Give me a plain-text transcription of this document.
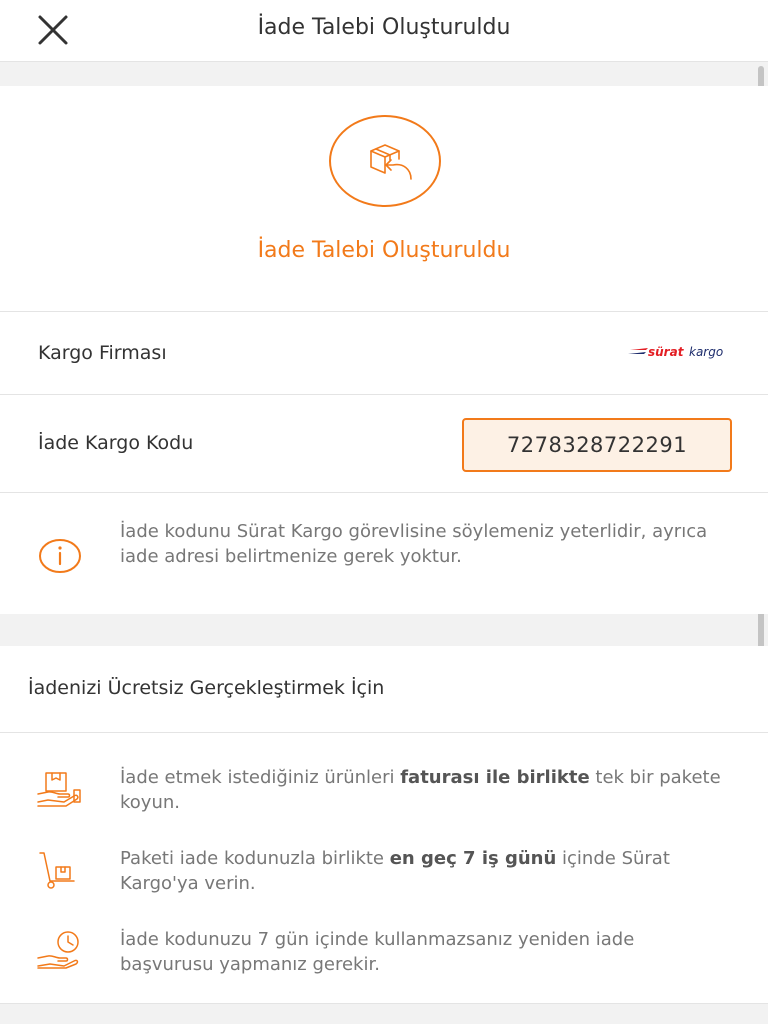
İade Talebi Oluşturuldu
İade Talebi Oluşturuldu
Kargo Firması
İade Kargo Kodu
sürat kargo
7278328722291
İade kodunu Sürat Kargo görevlisine söylemeniz yeterlidir, ayrıca iade adresi belirtmenize gerek yoktur.
İadenizi Ücretsiz Gerçekleştirmek İçin
İade etmek istediğiniz ürünleri faturası ile birlikte tek bir pakete koyun.
Paketi iade kodunuzla birlikte en geç 7 iş günü içinde Sürat Kargo'ya verin.
İade kodunuzu 7 gün içinde kullanmazsanız yeniden iade başvurusu yapmanız gerekir.
